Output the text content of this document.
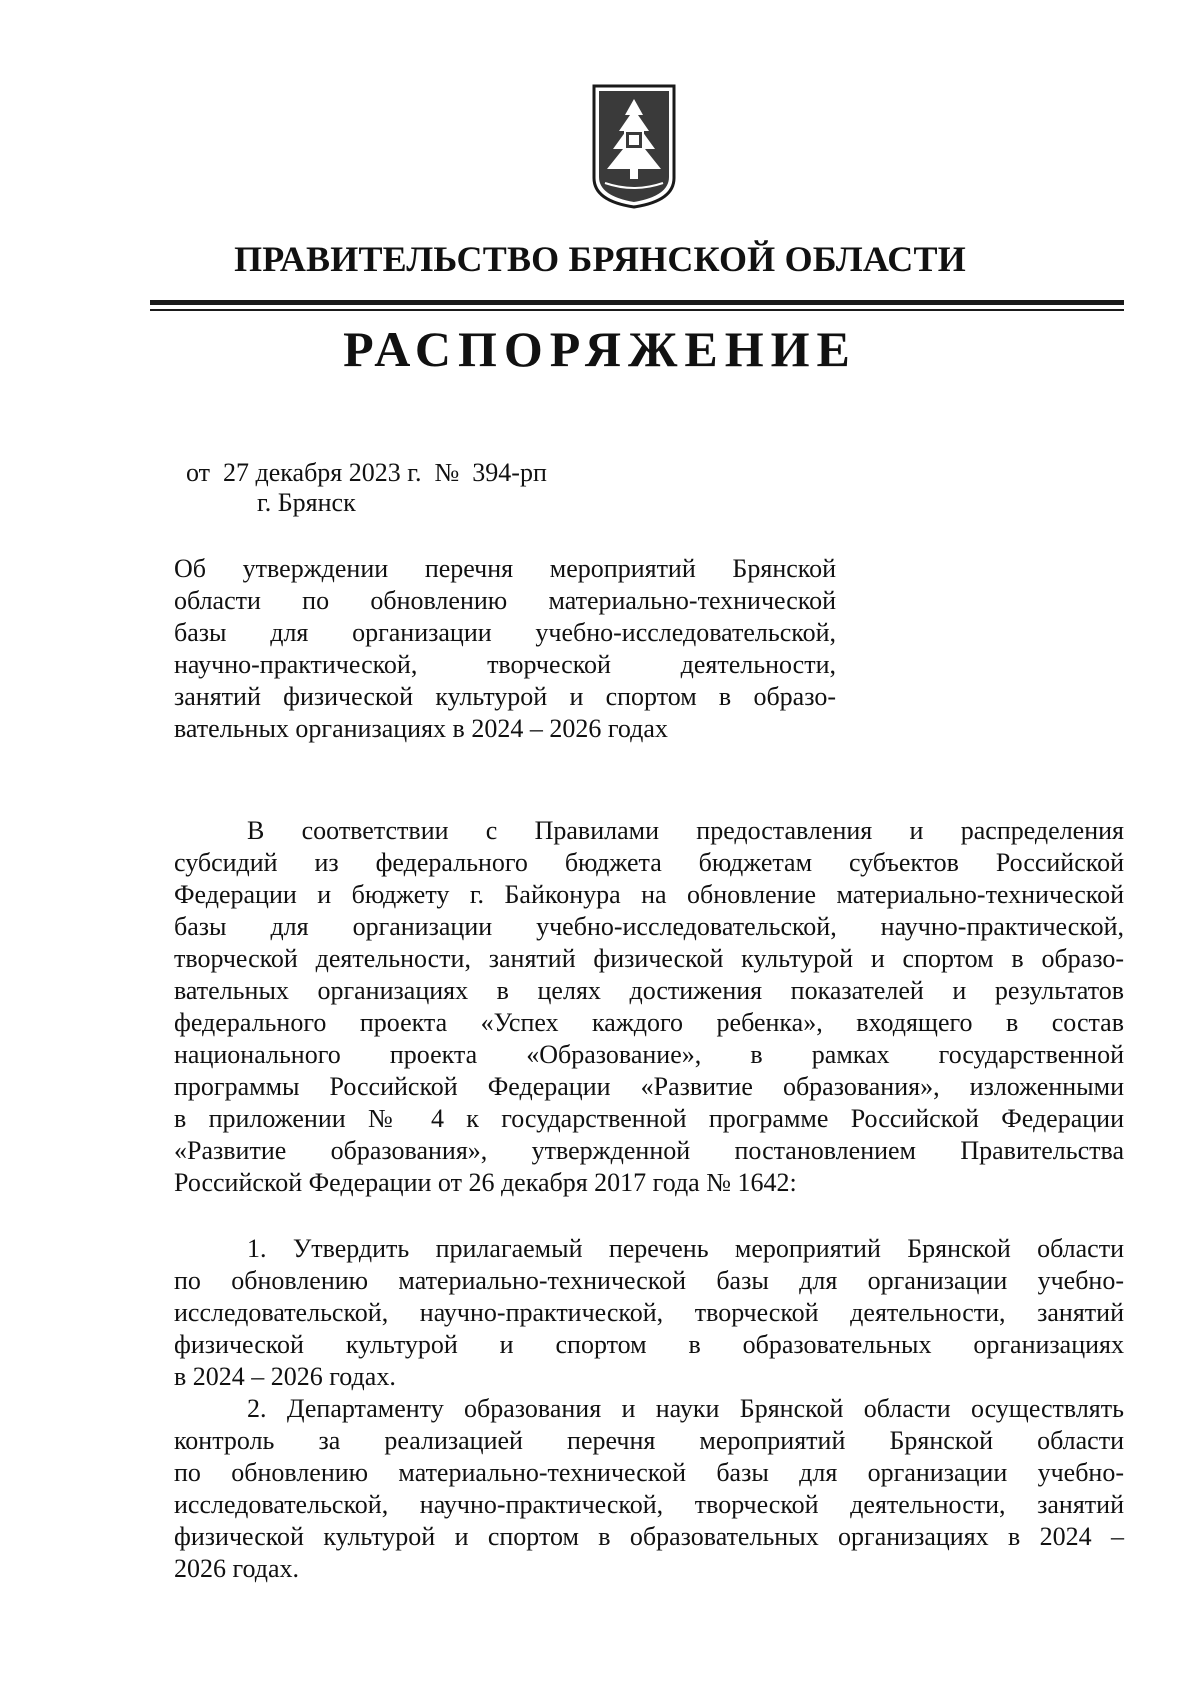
ПРАВИТЕЛЬСТВО БРЯНСКОЙ ОБЛАСТИ
РАСПОРЯЖЕНИЕ
от  27 декабря 2023 г.  №  394-рп
г. Брянск
Об утверждении перечня мероприятий Брянской
области по обновлению материально-технической
базы для организации учебно-исследовательской,
научно-практической, творческой деятельности,
занятий физической культурой и спортом в образо-
вательных организациях в 2024 – 2026 годах
В соответствии с Правилами предоставления и распределения
субсидий из федерального бюджета бюджетам субъектов Российской
Федерации и бюджету г. Байконура на обновление материально-технической
базы для организации учебно-исследовательской, научно-практической,
творческой деятельности, занятий физической культурой и спортом в образо-
вательных организациях в целях достижения показателей и результатов
федерального проекта «Успех каждого ребенка», входящего в состав
национального проекта «Образование», в рамках государственной
программы Российской Федерации «Развитие образования», изложенными
в приложении № 4 к государственной программе Российской Федерации
«Развитие образования», утвержденной постановлением Правительства
Российской Федерации от 26 декабря 2017 года № 1642:
1. Утвердить прилагаемый перечень мероприятий Брянской области
по обновлению материально-технической базы для организации учебно-
исследовательской, научно-практической, творческой деятельности, занятий
физической культурой и спортом в образовательных организациях
в 2024 – 2026 годах.
2. Департаменту образования и науки Брянской области осуществлять
контроль за реализацией перечня мероприятий Брянской области
по обновлению материально-технической базы для организации учебно-
исследовательской, научно-практической, творческой деятельности, занятий
физической культурой и спортом в образовательных организациях в 2024 –
2026 годах.
